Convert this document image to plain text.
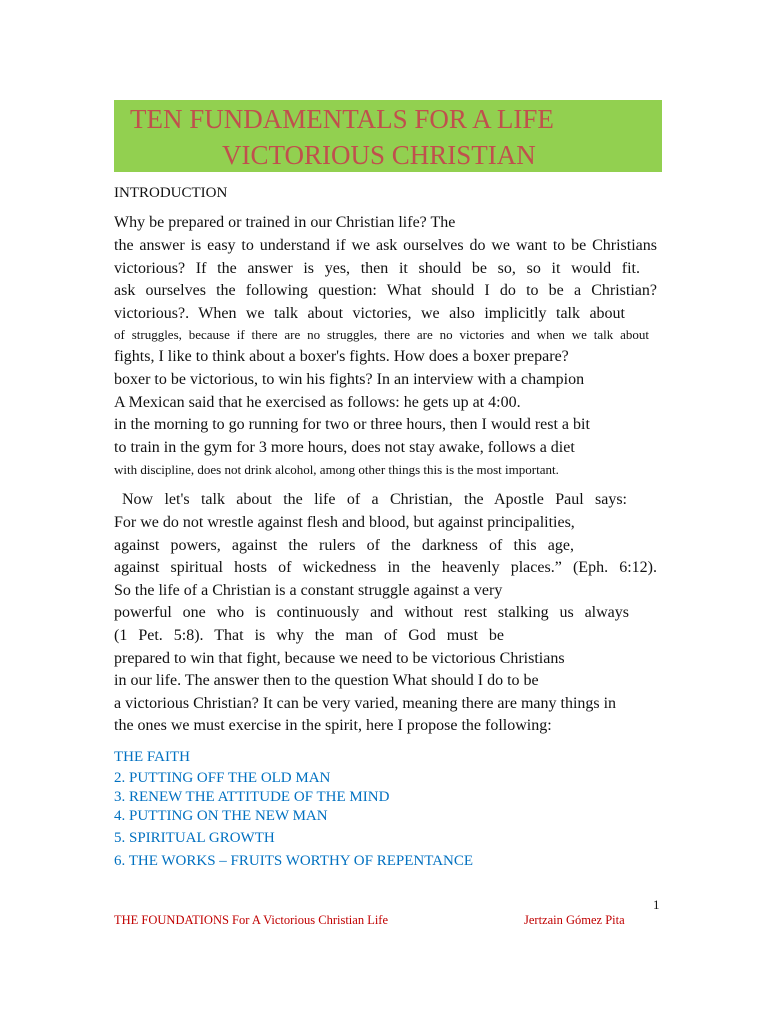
TEN FUNDAMENTALS FOR A LIFE
VICTORIOUS CHRISTIAN
INTRODUCTION
Why be prepared or trained in our Christian life? The
the answer is easy to understand if we ask ourselves do we want to be Christians
victorious? If the answer is yes, then it should be so, so it would fit.
ask ourselves the following question: What should I do to be a Christian?
victorious?. When we talk about victories, we also implicitly talk about
of struggles, because if there are no struggles, there are no victories and when we talk about
fights, I like to think about a boxer's fights. How does a boxer prepare?
boxer to be victorious, to win his fights? In an interview with a champion
A Mexican said that he exercised as follows: he gets up at 4:00.
in the morning to go running for two or three hours, then I would rest a bit
to train in the gym for 3 more hours, does not stay awake, follows a diet
with discipline, does not drink alcohol, among other things this is the most important.
Now let's talk about the life of a Christian, the Apostle Paul says:
For we do not wrestle against flesh and blood, but against principalities,
against powers, against the rulers of the darkness of this age,
against spiritual hosts of wickedness in the heavenly places.” (Eph. 6:12).
So the life of a Christian is a constant struggle against a very
powerful one who is continuously and without rest stalking us always
(1 Pet. 5:8). That is why the man of God must be
prepared to win that fight, because we need to be victorious Christians
in our life. The answer then to the question What should I do to be
a victorious Christian? It can be very varied, meaning there are many things in
the ones we must exercise in the spirit, here I propose the following:
THE FAITH
2. PUTTING OFF THE OLD MAN
3. RENEW THE ATTITUDE OF THE MIND
4. PUTTING ON THE NEW MAN
5. SPIRITUAL GROWTH
6. THE WORKS – FRUITS WORTHY OF REPENTANCE
1
THE FOUNDATIONS For A Victorious Christian Life	Jertzain Gómez Pita
